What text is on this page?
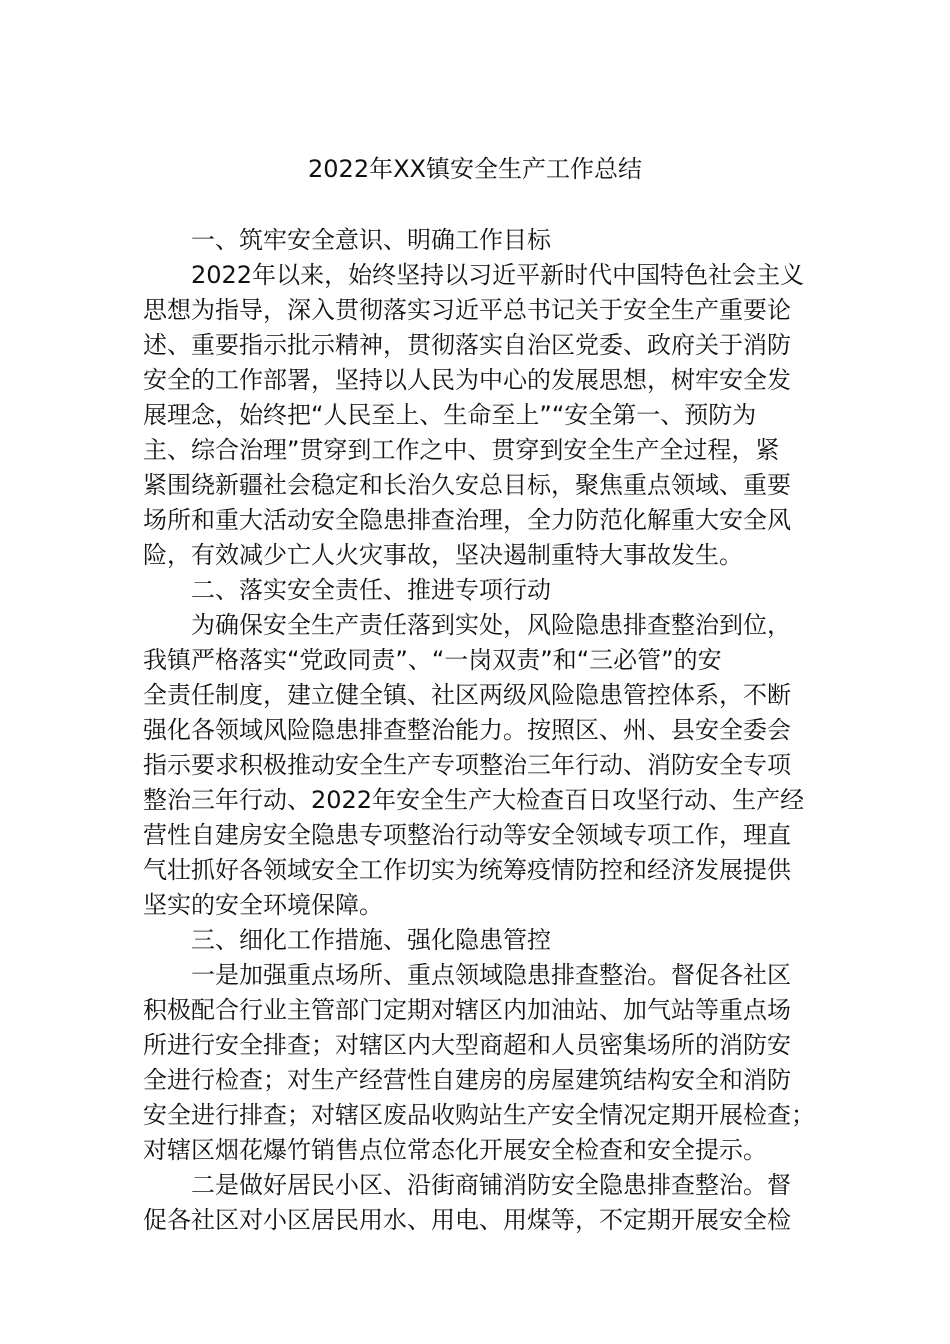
2022年XX镇安全生产工作总结

一、筑牢安全意识、明确工作目标

2022年以来，始终坚持以习近平新时代中国特色社会主义

思想为指导，深入贯彻落实习近平总书记关于安全生产重要论

述、重要指示批示精神，贯彻落实自治区党委、政府关于消防

安全的工作部署，坚持以人民为中心的发展思想，树牢安全发

展理念，始终把“人民至上、生命至上”“安全第一、预防为

主、综合治理”贯穿到工作之中、贯穿到安全生产全过程，紧

紧围绕新疆社会稳定和长治久安总目标，聚焦重点领域、重要

场所和重大活动安全隐患排查治理，全力防范化解重大安全风

险，有效减少亡人火灾事故，坚决遏制重特大事故发生。

二、落实安全责任、推进专项行动

为确保安全生产责任落到实处，风险隐患排查整治到位，

我镇严格落实“党政同责”、“一岗双责”和“三必管”的安

全责任制度，建立健全镇、社区两级风险隐患管控体系，不断

强化各领域风险隐患排查整治能力。按照区、州、县安全委会

指示要求积极推动安全生产专项整治三年行动、消防安全专项

整治三年行动、2022年安全生产大检查百日攻坚行动、生产经

营性自建房安全隐患专项整治行动等安全领域专项工作，理直

气壮抓好各领域安全工作切实为统筹疫情防控和经济发展提供

坚实的安全环境保障。

三、细化工作措施、强化隐患管控

一是加强重点场所、重点领域隐患排查整治。督促各社区

积极配合行业主管部门定期对辖区内加油站、加气站等重点场

所进行安全排查；对辖区内大型商超和人员密集场所的消防安

全进行检查；对生产经营性自建房的房屋建筑结构安全和消防

安全进行排查；对辖区废品收购站生产安全情况定期开展检查；

对辖区烟花爆竹销售点位常态化开展安全检查和安全提示。

二是做好居民小区、沿街商铺消防安全隐患排查整治。督

促各社区对小区居民用水、用电、用煤等，不定期开展安全检
